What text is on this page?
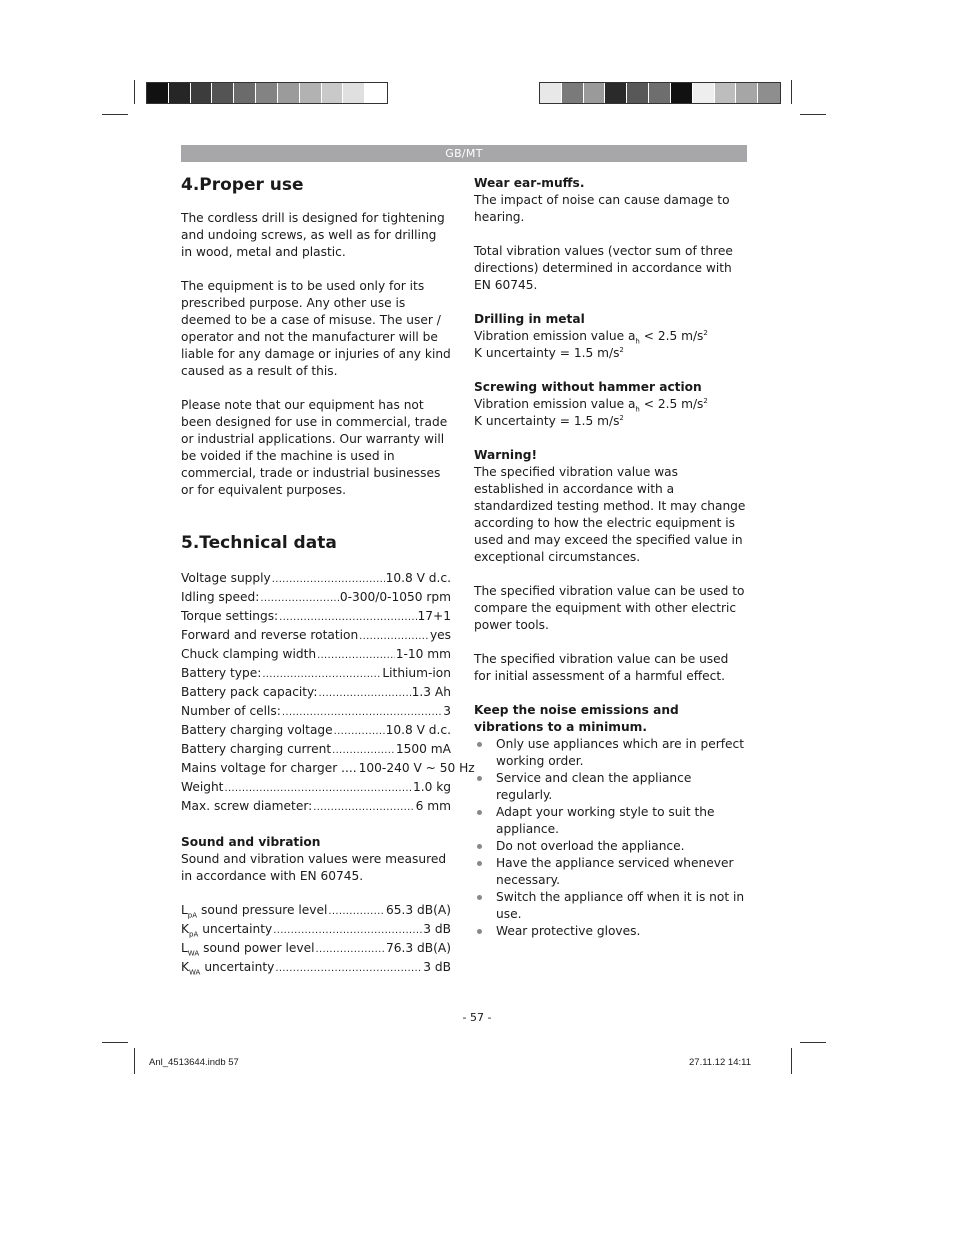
GB/MT
4.Proper use

The cordless drill is designed for tightening and undoing screws, as well as for drilling in wood, metal and plastic.

The equipment is to be used only for its prescribed purpose. Any other use is deemed to be a case of misuse. The user / operator and not the manufacturer will be liable for any damage or injuries of any kind caused as a result of this.

Please note that our equipment has not been designed for use in commercial, trade or industrial applications. Our warranty will be voided if the machine is used in commercial, trade or industrial businesses or for equivalent purposes.

5.Technical data
Voltage supply .....	10.8 V d.c.
Idling speed: .....	0-300/0-1050 rpm
Torque settings: .....	17+1
Forward and reverse rotation .....	yes
Chuck clamping width .....	1-10 mm
Battery type: .....	Lithium-ion
Battery pack capacity: .....	1.3 Ah
Number of cells: .....	3
Battery charging voltage .....	10.8 V d.c.
Battery charging current .....	1500 mA
Mains voltage for charger .... 100-240 V ~ 50 Hz
Weight .....	1.0 kg
Max. screw diameter: .....	6 mm

Sound and vibration

Sound and vibration values were measured in accordance with EN 60745.

$L_{pA}$ sound pressure level .....	65.3 dB(A)
$K_{pA}$ uncertainty .....	3 dB
$L_{WA}$ sound power level .....	76.3 dB(A)
$K_{WA}$ uncertainty .....	3 dB

Wear ear-muffs.

The impact of noise can cause damage to hearing.

Total vibration values (vector sum of three directions) determined in accordance with EN 60745.

Drilling in metal

Vibration emission value $a_h < 2.5$ $m/s^2$

K uncertainty = 1.5 $m/s^2$

Screwing without hammer action

Vibration emission value $a_h < 2.5$ $m/s^2$

K uncertainty = 1.5 $m/s^2$

Warning!

The specified vibration value was established in accordance with a standardized testing method. It may change according to how the electric equipment is used and may exceed the specified value in exceptional circumstances.

The specified vibration value can be used to compare the equipment with other electric power tools.

The specified vibration value can be used for initial assessment of a harmful effect.

Keep the noise emissions and vibrations to a minimum.

Only use appliances which are in perfect working order.
Service and clean the appliance regularly.
Adapt your working style to suit the appliance.
Do not overload the appliance.
Have the appliance serviced whenever necessary.
Switch the appliance off when it is not in use.
Wear protective gloves.
- 57 -
Anl_4513644.indb 57	27.11.12 14:11
